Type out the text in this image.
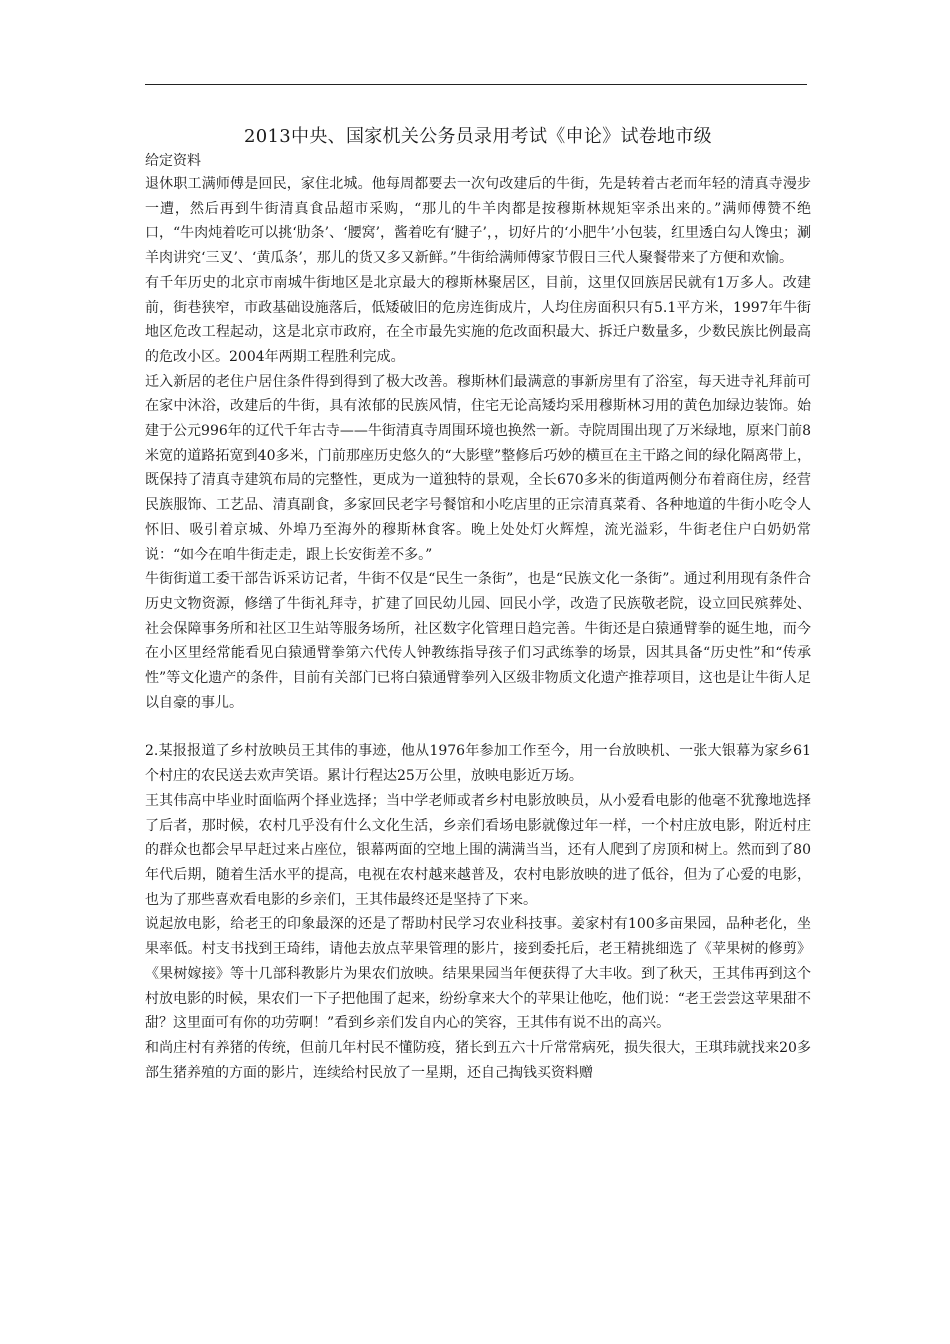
2013中央、国家机关公务员录用考试《申论》试卷地市级

给定资料

退休职工满师傅是回民，家住北城。他每周都要去一次句改建后的牛街，先是转着古老而年轻的清真寺漫步一遭，然后再到牛街清真食品超市采购，“那儿的牛羊肉都是按穆斯林规矩宰杀出来的。”满师傅赞不绝口，“牛肉炖着吃可以挑‘肋条’、‘腰窝’，酱着吃有‘腱子’，，切好片的‘小肥牛’小包装，红里透白勾人馋虫；涮羊肉讲究‘三叉’、‘黄瓜条’，那儿的货又多又新鲜。”牛街给满师傅家节假日三代人聚餐带来了方便和欢愉。

有千年历史的北京市南城牛街地区是北京最大的穆斯林聚居区，目前，这里仅回族居民就有1万多人。改建前，街巷狭窄，市政基础设施落后，低矮破旧的危房连街成片，人均住房面积只有5.1平方米，1997年牛街地区危改工程起动，这是北京市政府，在全市最先实施的危改面积最大、拆迁户数量多，少数民族比例最高的危改小区。2004年两期工程胜利完成。

迁入新居的老住户居住条件得到得到了极大改善。穆斯林们最满意的事新房里有了浴室，每天进寺礼拜前可在家中沐浴，改建后的牛街，具有浓郁的民族风情，住宅无论高矮均采用穆斯林习用的黄色加绿边装饰。始建于公元996年的辽代千年古寺——牛街清真寺周围环境也换然一新。寺院周围出现了万米绿地，原来门前8米宽的道路拓宽到40多米，门前那座历史悠久的“大影壁”整修后巧妙的横亘在主干路之间的绿化隔离带上，既保持了清真寺建筑布局的完整性，更成为一道独特的景观，全长670多米的街道两侧分布着商住房，经营民族服饰、工艺品、清真副食，多家回民老字号餐馆和小吃店里的正宗清真菜肴、各种地道的牛街小吃令人怀旧、吸引着京城、外埠乃至海外的穆斯林食客。晚上处处灯火辉煌，流光溢彩，牛街老住户白奶奶常说：“如今在咱牛街走走，跟上长安街差不多。”

牛街街道工委干部告诉采访记者，牛街不仅是“民生一条街”，也是“民族文化一条街”。通过利用现有条件合历史文物资源，修缮了牛街礼拜寺，扩建了回民幼儿园、回民小学，改造了民族敬老院，设立回民殡葬处、社会保障事务所和社区卫生站等服务场所，社区数字化管理日趋完善。牛街还是白猿通臂拳的诞生地，而今在小区里经常能看见白猿通臂拳第六代传人钟教练指导孩子们习武练拳的场景，因其具备“历史性”和“传承性”等文化遗产的条件，目前有关部门已将白猿通臂拳列入区级非物质文化遗产推荐项目，这也是让牛街人足以自豪的事儿。

2.某报报道了乡村放映员王其伟的事迹，他从1976年参加工作至今，用一台放映机、一张大银幕为家乡61个村庄的农民送去欢声笑语。累计行程达25万公里，放映电影近万场。

王其伟高中毕业时面临两个择业选择；当中学老师或者乡村电影放映员，从小爱看电影的他毫不犹豫地选择了后者，那时候，农村几乎没有什么文化生活，乡亲们看场电影就像过年一样，一个村庄放电影，附近村庄的群众也都会早早赶过来占座位，银幕两面的空地上围的满满当当，还有人爬到了房顶和树上。然而到了80年代后期，随着生活水平的提高，电视在农村越来越普及，农村电影放映的进了低谷，但为了心爱的电影，也为了那些喜欢看电影的乡亲们，王其伟最终还是坚持了下来。

说起放电影，给老王的印象最深的还是了帮助村民学习农业科技事。姜家村有100多亩果园，品种老化，坐果率低。村支书找到王琦纬，请他去放点苹果管理的影片，接到委托后，老王精挑细选了《苹果树的修剪》《果树嫁接》等十几部科教影片为果农们放映。结果果园当年便获得了大丰收。到了秋天，王其伟再到这个村放电影的时候，果农们一下子把他围了起来，纷纷拿来大个的苹果让他吃，他们说：“老王尝尝这苹果甜不甜？这里面可有你的功劳啊！”看到乡亲们发自内心的笑容，王其伟有说不出的高兴。

和尚庄村有养猪的传统，但前几年村民不懂防疫，猪长到五六十斤常常病死，损失很大，王琪玮就找来20多部生猪养殖的方面的影片，连续给村民放了一星期，还自己掏钱买资料赠
